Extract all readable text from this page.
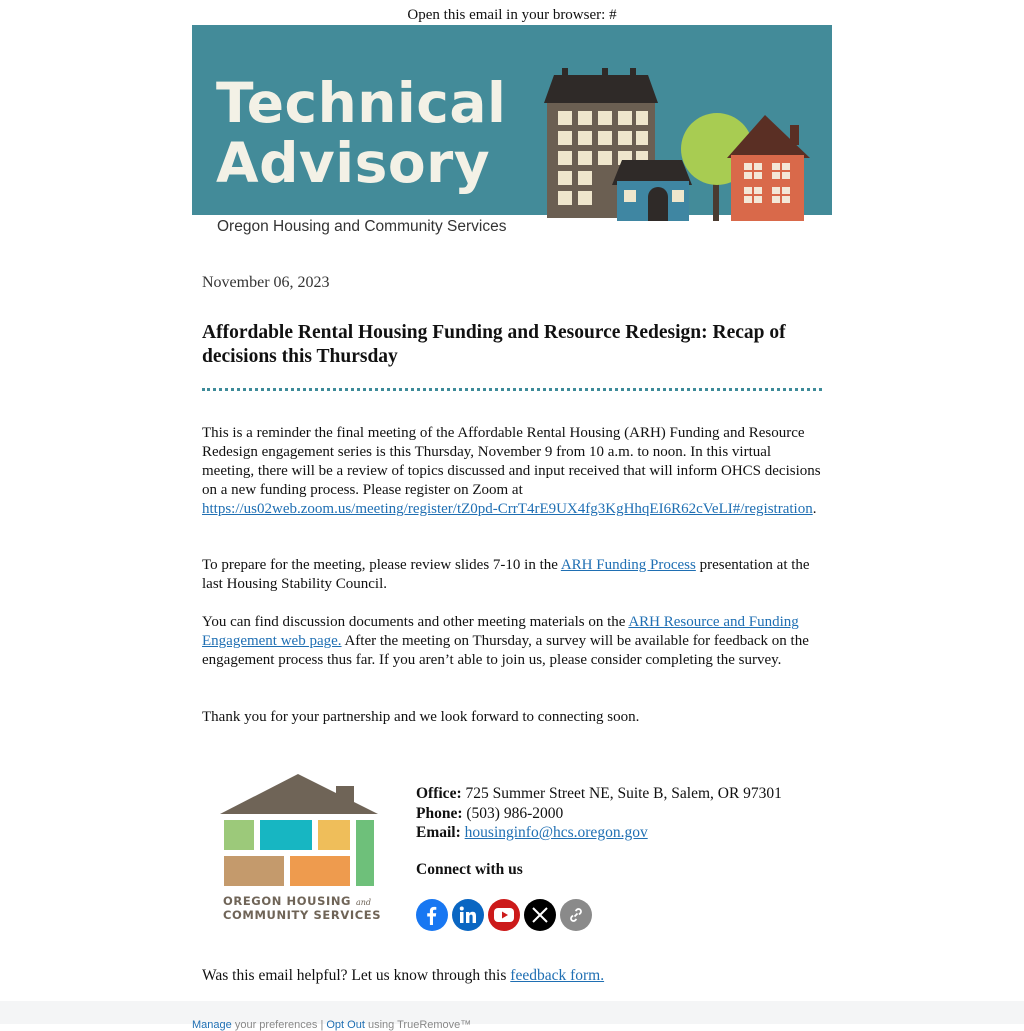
Open this email in your browser: #
Technical
Advisory
Oregon Housing and Community Services
November 06, 2023
Affordable Rental Housing Funding and Resource Redesign: Recap of decisions this Thursday

This is a reminder the final meeting of the Affordable Rental Housing (ARH) Funding and Resource Redesign engagement series is this Thursday, November 9 from 10 a.m. to noon. In this virtual meeting, there will be a review of topics discussed and input received that will inform OHCS decisions on a new funding process. Please register on Zoom at https://us02web.zoom.us/meeting/register/tZ0pd-CrrT4rE9UX4fg3KgHhqEI6R62cVeLI#/registration.

To prepare for the meeting, please review slides 7-10 in the ARH Funding Process presentation at the last Housing Stability Council.

You can find discussion documents and other meeting materials on the ARH Resource and Funding Engagement web page. After the meeting on Thursday, a survey will be available for feedback on the engagement process thus far. If you aren’t able to join us, please consider completing the survey.

Thank you for your partnership and we look forward to connecting soon.

OREGON HOUSING and
COMMUNITY SERVICES
Office: 725 Summer Street NE, Suite B, Salem, OR 97301
Phone: (503) 986-2000
Email: housinginfo@hcs.oregon.gov
Connect with us
Was this email helpful? Let us know through this feedback form.
Manage your preferences | Opt Out using TrueRemove™
